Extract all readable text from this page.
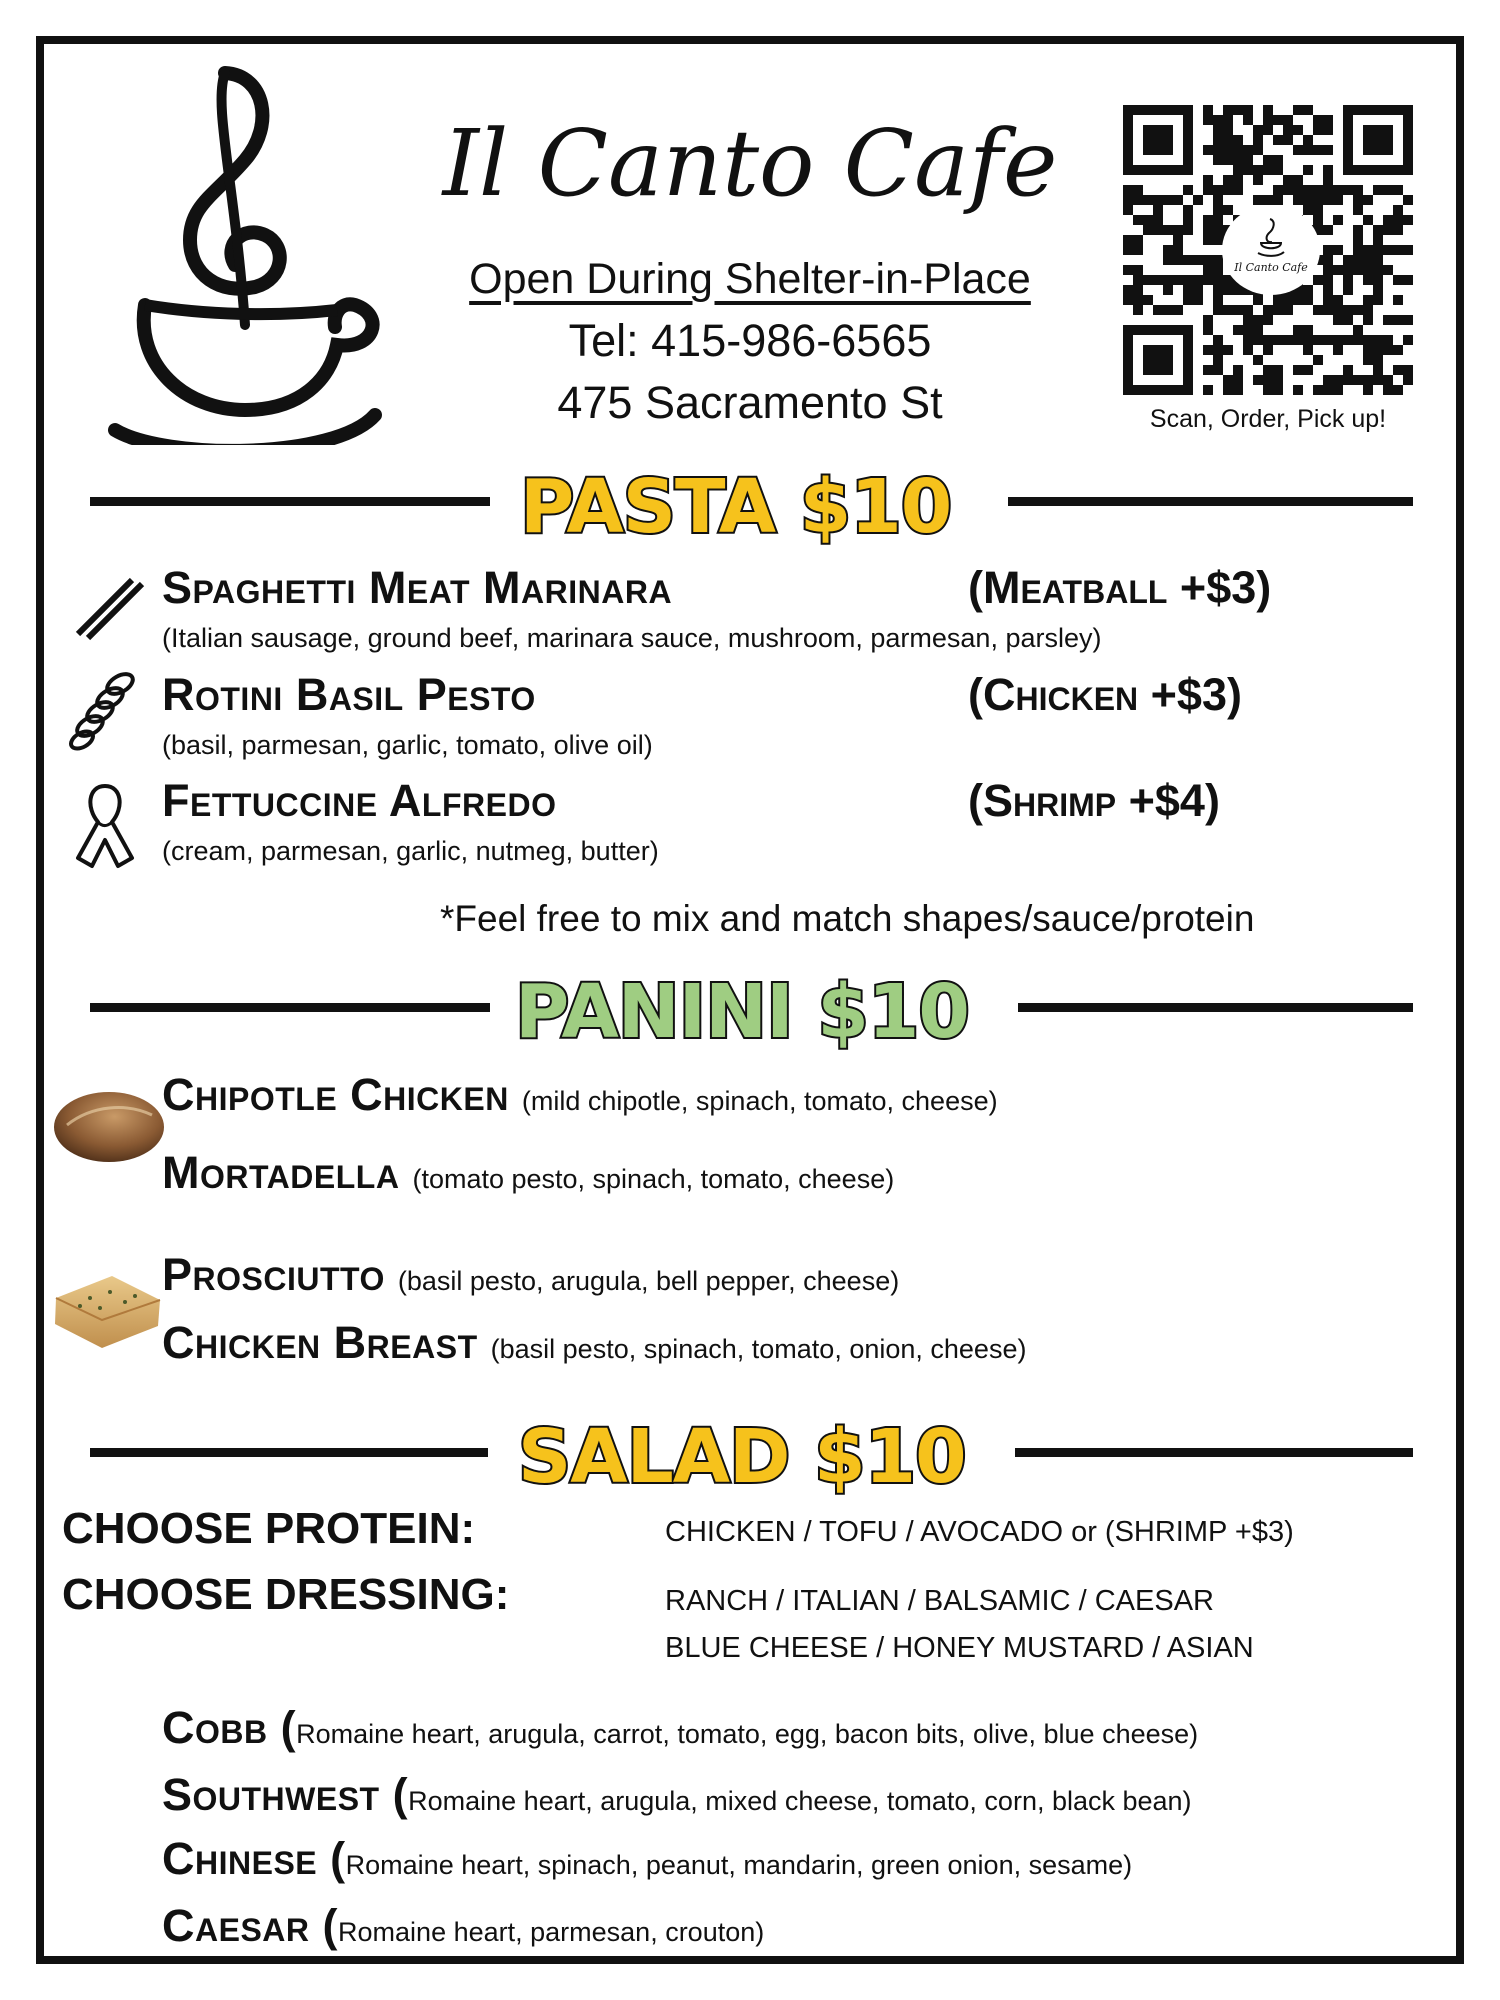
Il Canto Cafe
Open During Shelter-in-Place
Tel: 415-986-6565
475 Sacramento St
Il Canto Cafe
Scan, Order, Pick up!
PASTA $10
Spaghetti Meat Marinara	(Meatball +$3)
(Italian sausage, ground beef, marinara sauce, mushroom, parmesan, parsley)
Rotini Basil Pesto	(Chicken +$3)
(basil, parmesan, garlic, tomato, olive oil)
Fettuccine Alfredo	(Shrimp +$4)
(cream, parmesan, garlic, nutmeg, butter)
*Feel free to mix and match shapes/sauce/protein
PANINI $10
Chipotle Chicken (mild chipotle, spinach, tomato, cheese)
Mortadella (tomato pesto, spinach, tomato, cheese)
Prosciutto (basil pesto, arugula, bell pepper, cheese)
Chicken Breast (basil pesto, spinach, tomato, onion, cheese)
SALAD $10
CHOOSE PROTEIN:	CHICKEN / TOFU / AVOCADO or (SHRIMP +$3)
CHOOSE DRESSING:	RANCH / ITALIAN / BALSAMIC / CAESAR
BLUE CHEESE / HONEY MUSTARD / ASIAN
Cobb (Romaine heart, arugula, carrot, tomato, egg, bacon bits, olive, blue cheese)
Southwest (Romaine heart, arugula, mixed cheese, tomato, corn, black bean)
Chinese (Romaine heart, spinach, peanut, mandarin, green onion, sesame)
Caesar (Romaine heart, parmesan, crouton)
